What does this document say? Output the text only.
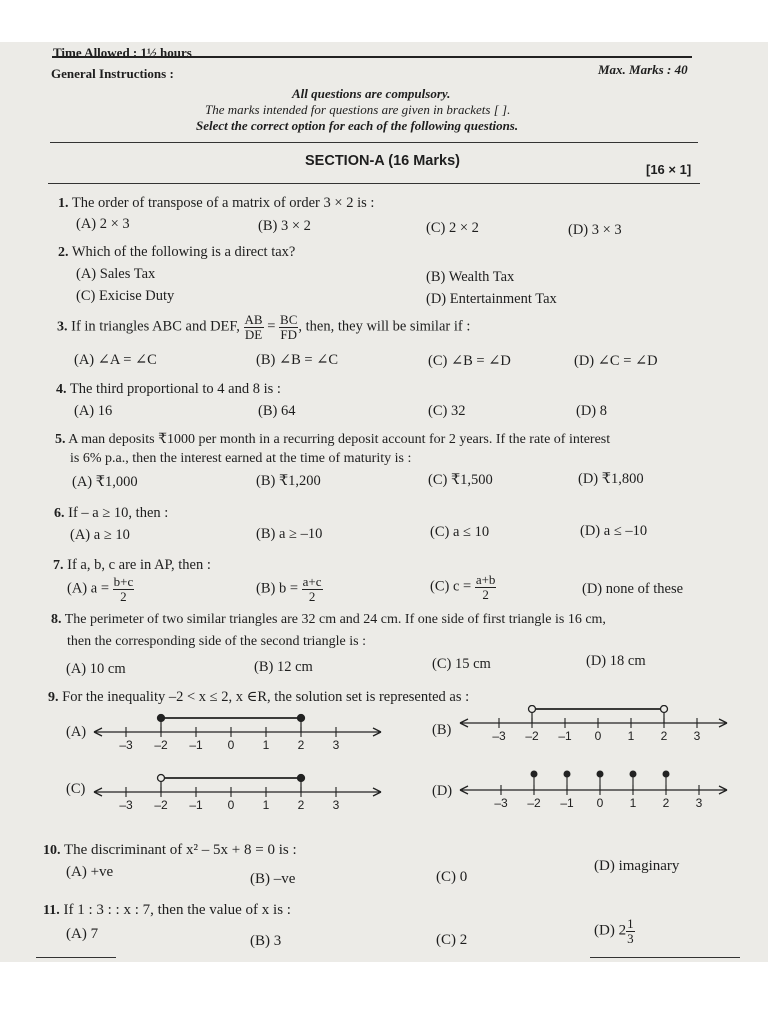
Time Allowed : 1½ hours
Max. Marks : 40
General Instructions :
All questions are compulsory.
The marks intended for questions are given in brackets [ ].
Select the correct option for each of the following questions.
SECTION-A (16 Marks)
[16 × 1]
1. The order of transpose of a matrix of order 3 × 2 is :
(A) 2 × 3	(B) 3 × 2	(C) 2 × 2	(D) 3 × 3
2. Which of the following is a direct tax?
(A) Sales Tax	(B) Wealth Tax
(C) Exicise Duty	(D) Entertainment Tax
3. If in triangles ABC and DEF, $\frac{AB}{DE} = \frac{BC}{FD}$ , then, they will be similar if :
(A) ∠A = ∠C	(B) ∠B = ∠C	(C) ∠B = ∠D	(D) ∠C = ∠D
4. The third proportional to 4 and 8 is :
(A) 16	(B) 64	(C) 32	(D) 8
5. A man deposits ₹1000 per month in a recurring deposit account for 2 years. If the rate of interest
is 6% p.a., then the interest earned at the time of maturity is :
(A) ₹1,000	(B) ₹1,200	(C) ₹1,500	(D) ₹1,800
6. If – a ≥ 10, then :
(A) a ≥ 10	(B) a ≥ –10	(C) a ≤ 10	(D) a ≤ –10
7. If a, b, c are in AP, then :
(A) $a = \frac{b+c}{2}$	(B) $b = \frac{a+c}{2}$	(C) $c = \frac{a+b}{2}$	(D) none of these
8. The perimeter of two similar triangles are 32 cm and 24 cm. If one side of first triangle is 16 cm,
then the corresponding side of the second triangle is :
(A) 10 cm	(B) 12 cm	(C) 15 cm	(D) 18 cm
9. For the inequality –2 < x ≤ 2, x ∈R, the solution set is represented as :
(A)
–3 –2 –1 0 1 2 3
(B)	–3 –2 –1 0 1 2 3
(C)
–3 –2 –1 0 1 2 3
(D)
–3 –2 –1 0 1 2 3
10. The discriminant of x² – 5x + 8 = 0 is :
(A) +ve	(B) –ve	(C) 0
(D) imaginary
11. If 1 : 3 : : x : 7, then the value of x is :
(A) 7	(B) 3	(C) 2
(D) $2 \frac{1}{3}$
